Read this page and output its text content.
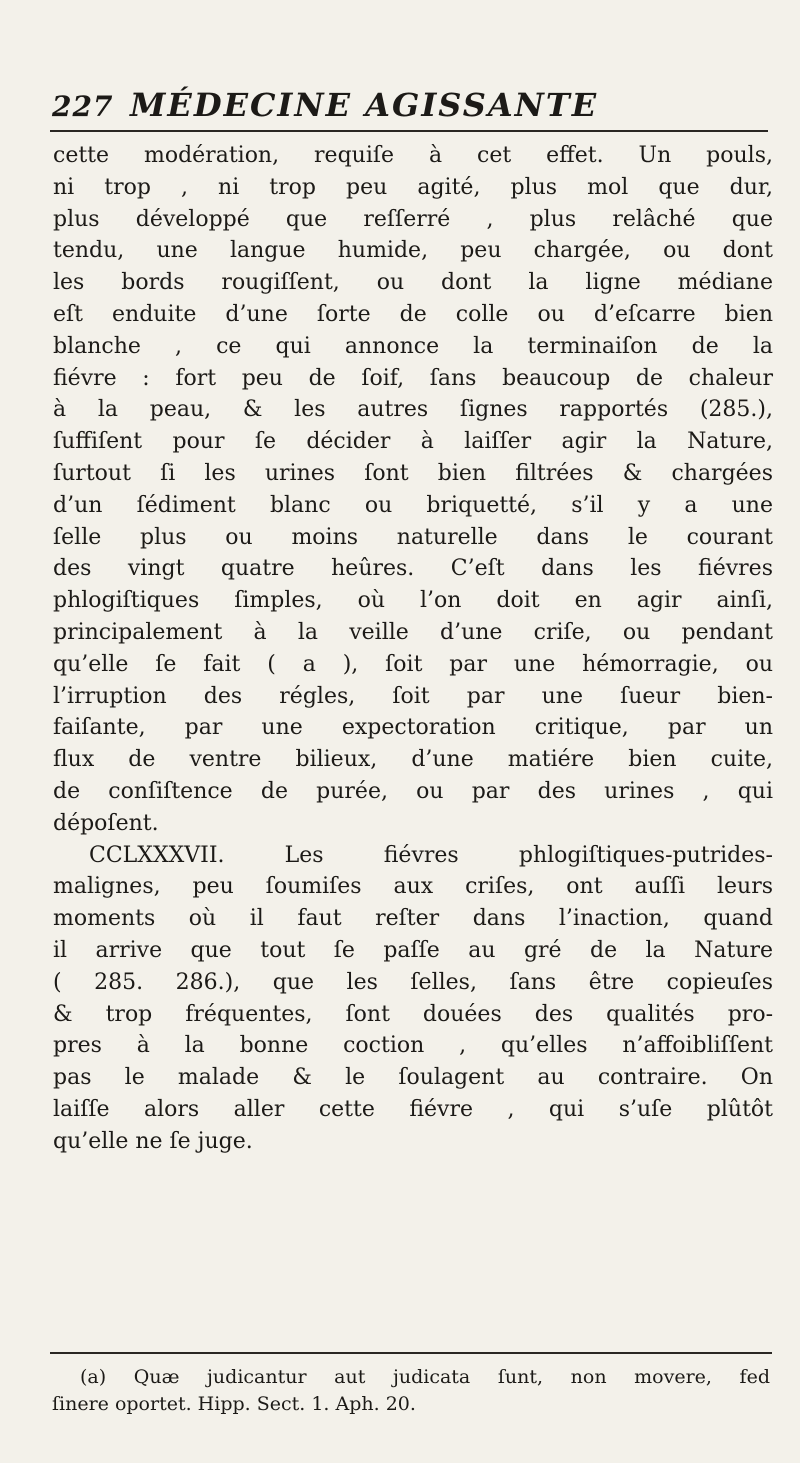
227 MÉDECINE AGISSANTE

cette modération, requiſe à cet effet. Un pouls,
ni trop , ni trop peu agité, plus mol que dur,
plus développé que reſſerré , plus relâché que
tendu, une langue humide, peu chargée, ou dont
les bords rougiſſent, ou dont la ligne médiane
eſt enduite d’une ſorte de colle ou d’eſcarre bien
blanche , ce qui annonce la terminaiſon de la
fiévre : fort peu de ſoif, ſans beaucoup de chaleur
à la peau, & les autres ſignes rapportés (285.),
ſuffiſent pour ſe décider à laiſſer agir la Nature,
ſurtout ſi les urines ſont bien filtrées & chargées
d’un ſédiment blanc ou briquetté, s’il y a une
ſelle plus ou moins naturelle dans le courant
des vingt quatre heûres. C’eſt dans les fiévres
phlogiſtiques ſimples, où l’on doit en agir ainſi,
principalement à la veille d’une criſe, ou pendant
qu’elle ſe fait ( a ), ſoit par une hémorragie, ou
l’irruption des régles, ſoit par une ſueur bien-
faiſante, par une expectoration critique, par un
flux de ventre bilieux, d’une matiére bien cuite,
de conſiſtence de purée, ou par des urines , qui
dépoſent.

CCLXXXVII. Les fiévres phlogiſtiques-putrides-
malignes, peu ſoumiſes aux criſes, ont auſſi leurs
moments où il faut reſter dans l’inaction, quand
il arrive que tout ſe paſſe au gré de la Nature
( 285. 286.), que les ſelles, ſans être copieuſes
& trop fréquentes, ſont douées des qualités pro-
pres à la bonne coction , qu’elles n’affoibliſſent
pas le malade & le ſoulagent au contraire. On
laiſſe alors aller cette fiévre , qui s’uſe plûtôt
qu’elle ne ſe juge.

(a) Quæ judicantur aut judicata ſunt, non movere, fed
ſinere oportet. Hipp. Sect. 1. Aph. 20.
